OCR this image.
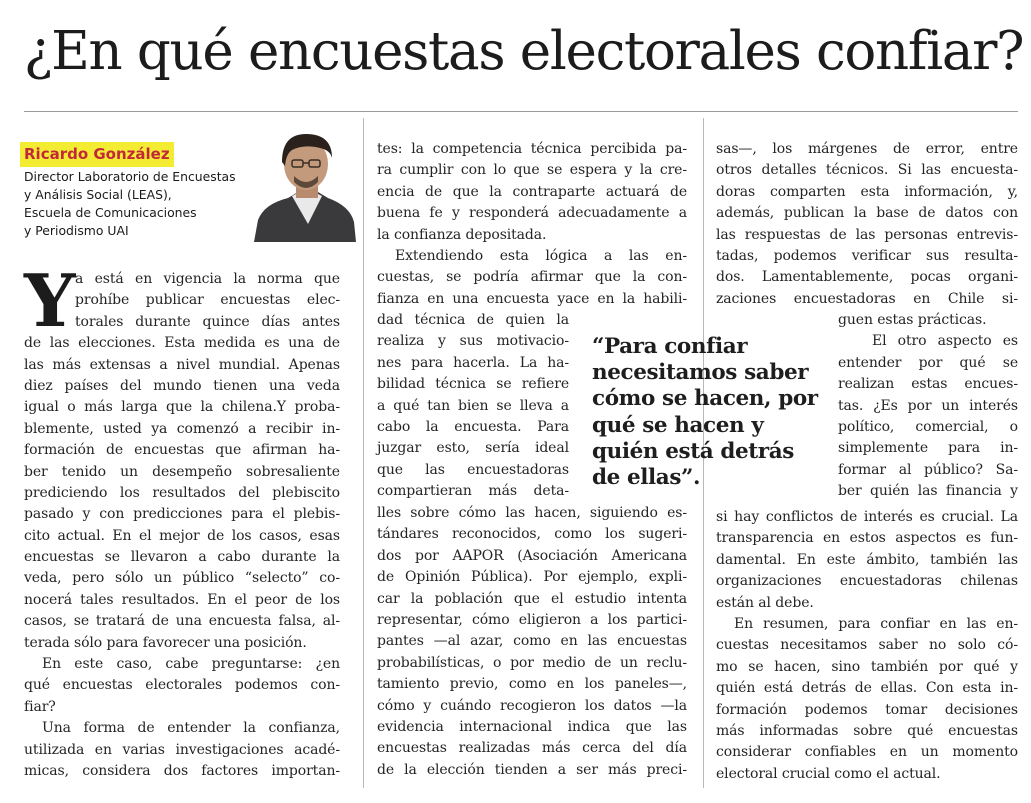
¿En qué encuestas electorales confiar?
Ricardo González
Director Laboratorio de Encuestas
y Análisis Social (LEAS),
Escuela de Comunicaciones
y Periodismo UAI
Y a está en vigencia la norma que
prohíbe publicar encuestas elec-
torales durante quince días antes
de las elecciones. Esta medida es una de
las más extensas a nivel mundial. Apenas
diez países del mundo tienen una veda
igual o más larga que la chilena.Y proba-
blemente, usted ya comenzó a recibir in-
formación de encuestas que afirman ha-
ber tenido un desempeño sobresaliente
prediciendo los resultados del plebiscito
pasado y con predicciones para el plebis-
cito actual. En el mejor de los casos, esas
encuestas se llevaron a cabo durante la
veda, pero sólo un público “selecto” co-
nocerá tales resultados. En el peor de los
casos, se tratará de una encuesta falsa, al-
terada sólo para favorecer una posición.
En este caso, cabe preguntarse: ¿en
qué encuestas electorales podemos con-
fiar?
Una forma de entender la confianza,
utilizada en varias investigaciones acadé-
micas, considera dos factores importan-
tes: la competencia técnica percibida pa-
ra cumplir con lo que se espera y la cre-
encia de que la contraparte actuará de
buena fe y responderá adecuadamente a
la confianza depositada.
Extendiendo esta lógica a las en-
cuestas, se podría afirmar que la con-
fianza en una encuesta yace en la habili-
dad técnica de quien la
realiza y sus motivacio-
nes para hacerla. La ha-
bilidad técnica se refiere
a qué tan bien se lleva a
cabo la encuesta. Para
juzgar esto, sería ideal
que las encuestadoras
compartieran más deta-
lles sobre cómo las hacen, siguiendo es-
tándares reconocidos, como los sugeri-
dos por AAPOR (Asociación Americana
de Opinión Pública). Por ejemplo, expli-
car la población que el estudio intenta
representar, cómo eligieron a los partici-
pantes —al azar, como en las encuestas
probabilísticas, o por medio de un reclu-
tamiento previo, como en los paneles—,
cómo y cuándo recogieron los datos —la
evidencia internacional indica que las
encuestas realizadas más cerca del día
de la elección tienden a ser más preci-
“Para confiar
necesitamos saber
cómo se hacen, por
qué se hacen y
quién está detrás
de ellas”.
sas—, los márgenes de error, entre
otros detalles técnicos. Si las encuesta-
doras comparten esta información, y,
además, publican la base de datos con
las respuestas de las personas entrevis-
tadas, podemos verificar sus resulta-
dos. Lamentablemente, pocas organi-
zaciones encuestadoras en Chile si-
guen estas prácticas.
El otro aspecto es
entender por qué se
realizan estas encues-
tas. ¿Es por un interés
político, comercial, o
simplemente para in-
formar al público? Sa-
ber quién las financia y
si hay conflictos de interés es crucial. La
transparencia en estos aspectos es fun-
damental. En este ámbito, también las
organizaciones encuestadoras chilenas
están al debe.
En resumen, para confiar en las en-
cuestas necesitamos saber no solo có-
mo se hacen, sino también por qué y
quién está detrás de ellas. Con esta in-
formación podemos tomar decisiones
más informadas sobre qué encuestas
considerar confiables en un momento
electoral crucial como el actual.
